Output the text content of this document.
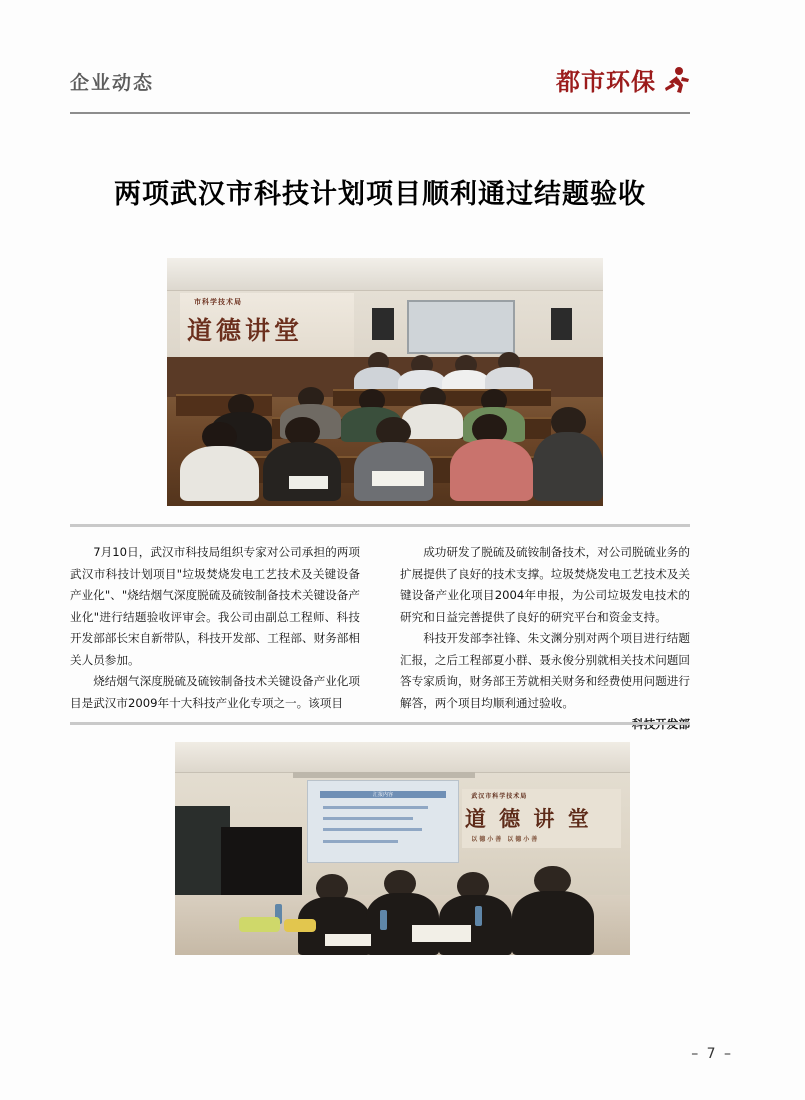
企业动态	都市环保
两项武汉市科技计划项目顺利通过结题验收
市科学技术局
道德讲堂

7月10日，武汉市科技局组织专家对公司承担的两项武汉市科技计划项目"垃圾焚烧发电工艺技术及关键设备产业化"、"烧结烟气深度脱硫及硫铵制备技术关键设备产业化"进行结题验收评审会。我公司由副总工程师、科技开发部部长宋自新带队，科技开发部、工程部、财务部相关人员参加。

烧结烟气深度脱硫及硫铵制备技术关键设备产业化项目是武汉市2009年十大科技产业化专项之一。该项目

成功研发了脱硫及硫铵制备技术，对公司脱硫业务的扩展提供了良好的技术支撑。垃圾焚烧发电工艺技术及关键设备产业化项目2004年申报，为公司垃圾发电技术的研究和日益完善提供了良好的研究平台和资金支持。

科技开发部李社锋、朱文渊分别对两个项目进行结题汇报，之后工程部夏小群、聂永俊分别就相关技术问题回答专家质询，财务部王芳就相关财务和经费使用问题进行解答，两个项目均顺利通过验收。

汇报内容	武汉市科学技术局
道 德 讲 堂
以德小善 以德小善
– 7 –
